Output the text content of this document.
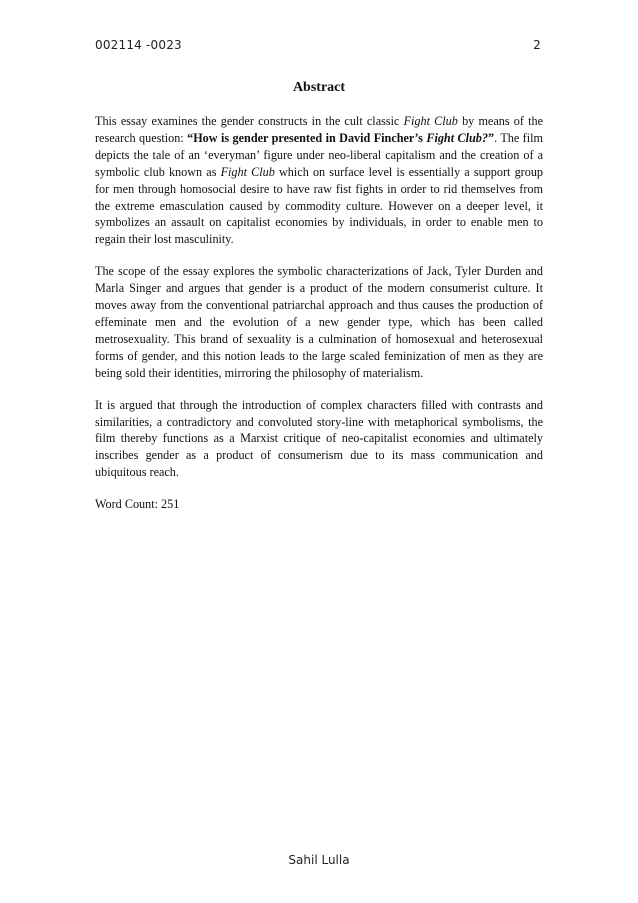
002114 -0023	2
Abstract

This essay examines the gender constructs in the cult classic Fight Club by means of the research question: “How is gender presented in David Fincher’s Fight Club?”. The film depicts the tale of an ‘everyman’ figure under neo-liberal capitalism and the creation of a symbolic club known as Fight Club which on surface level is essentially a support group for men through homosocial desire to have raw fist fights in order to rid themselves from the extreme emasculation caused by commodity culture. However on a deeper level, it symbolizes an assault on capitalist economies by individuals, in order to enable men to regain their lost masculinity.

The scope of the essay explores the symbolic characterizations of Jack, Tyler Durden and Marla Singer and argues that gender is a product of the modern consumerist culture. It moves away from the conventional patriarchal approach and thus causes the production of effeminate men and the evolution of a new gender type, which has been called metrosexuality. This brand of sexuality is a culmination of homosexual and heterosexual forms of gender, and this notion leads to the large scaled feminization of men as they are being sold their identities, mirroring the philosophy of materialism.

It is argued that through the introduction of complex characters filled with contrasts and similarities, a contradictory and convoluted story-line with metaphorical symbolisms, the film thereby functions as a Marxist critique of neo-capitalist economies and ultimately inscribes gender as a product of consumerism due to its mass communication and ubiquitous reach.

Word Count: 251

Sahil Lulla
